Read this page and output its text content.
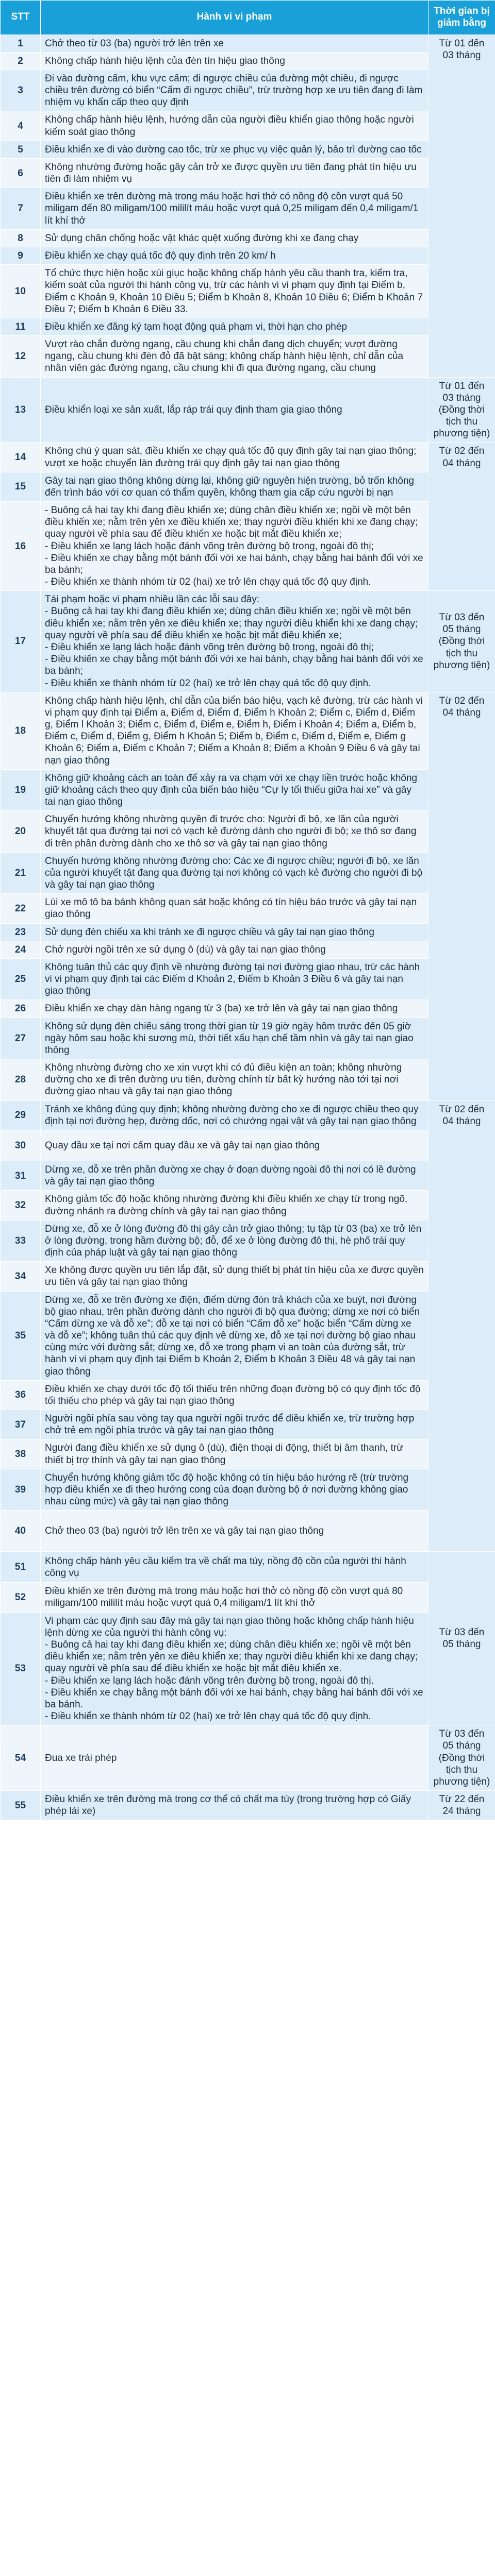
STT	Hành vi vi phạm	Thời gian bị giảm bằng
1	Chở theo từ 03 (ba) người trở lên trên xe	Từ 01 đến 03 tháng
2	Không chấp hành hiệu lệnh của đèn tín hiệu giao thông	

3	Đi vào đường cấm, khu vực cấm; đi ngược chiều của đường một chiều, đi ngược chiều trên đường có biển “Cấm đi ngược chiều”, trừ trường hợp xe ưu tiên đang đi làm nhiệm vụ khẩn cấp theo quy định	

4	Không chấp hành hiệu lệnh, hướng dẫn của người điều khiển giao thông hoặc người kiểm soát giao thông	

5	Điều khiển xe đi vào đường cao tốc, trừ xe phục vụ việc quản lý, bảo trì đường cao tốc	

6	Không nhường đường hoặc gây cản trở xe được quyền ưu tiên đang phát tín hiệu ưu tiên đi làm nhiệm vụ	

7	Điều khiển xe trên đường mà trong máu hoặc hơi thở có nồng độ cồn vượt quá 50 miligam đến 80 miligam/100 mililít máu hoặc vượt quá 0,25 miligam đến 0,4 miligam/1 lít khí thở	

8	Sử dụng chân chống hoặc vật khác quệt xuống đường khi xe đang chạy	

9	Điều khiển xe chạy quá tốc độ quy định trên 20 km/ h	

10	Tổ chức thực hiện hoặc xúi giục hoặc không chấp hành yêu cầu thanh tra, kiểm tra, kiểm soát của người thi hành công vụ, trừ các hành vi vi phạm quy định tại Điểm b, Điểm c Khoản 9, Khoản 10 Điều 5; Điểm b Khoản 8, Khoản 10 Điều 6; Điểm b Khoản 7 Điều 7; Điểm b Khoản 6 Điều 33.	

11	Điều khiển xe đăng ký tạm hoạt động quá phạm vi, thời hạn cho phép	

12	Vượt rào chắn đường ngang, cầu chung khi chắn đang dịch chuyển; vượt đường ngang, cầu chung khi đèn đỏ đã bật sáng; không chấp hành hiệu lệnh, chỉ dẫn của nhân viên gác đường ngang, cầu chung khi đi qua đường ngang, cầu chung	

13	Điều khiển loại xe sản xuất, lắp ráp trái quy định tham gia giao thông	Từ 01 đến 03 tháng (Đồng thời tịch thu phương tiện)
14	Không chú ý quan sát, điều khiển xe chạy quá tốc độ quy định gây tai nạn giao thông; vượt xe hoặc chuyển làn đường trái quy định gây tai nạn giao thông	Từ 02 đến 04 tháng
15	Gây tai nạn giao thông không dừng lại, không giữ nguyên hiện trường, bỏ trốn không đến trình báo với cơ quan có thẩm quyền, không tham gia cấp cứu người bị nạn	

16	- Buông cả hai tay khi đang điều khiển xe; dùng chân điều khiển xe; ngồi về một bên điều khiển xe; nằm trên yên xe điều khiển xe; thay người điều khiển khi xe đang chạy; quay người về phía sau để điều khiển xe hoặc bịt mắt điều khiển xe;
- Điều khiển xe lạng lách hoặc đánh võng trên đường bộ trong, ngoài đô thị;
- Điều khiển xe chạy bằng một bánh đối với xe hai bánh, chạy bằng hai bánh đối với xe ba bánh;
- Điều khiển xe thành nhóm từ 02 (hai) xe trở lên chạy quá tốc độ quy định.	

17	Tái phạm hoặc vi phạm nhiều lần các lỗi sau đây:
- Buông cả hai tay khi đang điều khiển xe; dùng chân điều khiển xe; ngồi về một bên điều khiển xe; nằm trên yên xe điều khiển xe; thay người điều khiển khi xe đang chạy; quay người về phía sau để điều khiển xe hoặc bịt mắt điều khiển xe;
- Điều khiển xe lạng lách hoặc đánh võng trên đường bộ trong, ngoài đô thị;
- Điều khiển xe chạy bằng một bánh đối với xe hai bánh, chạy bằng hai bánh đối với xe ba bánh;
- Điều khiển xe thành nhóm từ 02 (hai) xe trở lên chạy quá tốc độ quy định.	Từ 03 đến 05 tháng (Đồng thời tịch thu phương tiện)
18	Không chấp hành hiệu lệnh, chỉ dẫn của biển báo hiệu, vạch kẻ đường, trừ các hành vi vi phạm quy định tại Điểm a, Điểm d, Điểm đ, Điểm h Khoản 2; Điểm c, Điểm d, Điểm g, Điểm l Khoản 3; Điểm c, Điểm đ, Điểm e, Điểm h, Điểm i Khoản 4; Điểm a, Điểm b, Điểm c, Điểm d, Điểm g, Điểm h Khoản 5; Điểm b, Điểm c, Điểm d, Điểm e, Điểm g Khoản 6; Điểm a, Điểm c Khoản 7; Điểm a Khoản 8; Điểm a Khoản 9 Điều 6 và gây tai nạn giao thông	Từ 02 đến 04 tháng
19	Không giữ khoảng cách an toàn để xảy ra va chạm với xe chạy liền trước hoặc không giữ khoảng cách theo quy định của biển báo hiệu “Cự ly tối thiểu giữa hai xe” và gây tai nạn giao thông	

20	Chuyển hướng không nhường quyền đi trước cho: Người đi bộ, xe lăn của người khuyết tật qua đường tại nơi có vạch kẻ đường dành cho người đi bộ; xe thô sơ đang đi trên phần đường dành cho xe thô sơ và gây tai nạn giao thông	

21	Chuyển hướng không nhường đường cho: Các xe đi ngược chiều; người đi bộ, xe lăn của người khuyết tật đang qua đường tại nơi không có vạch kẻ đường cho người đi bộ và gây tai nạn giao thông	

22	Lùi xe mô tô ba bánh không quan sát hoặc không có tín hiệu báo trước và gây tai nạn giao thông	

23	Sử dụng đèn chiếu xa khi tránh xe đi ngược chiều và gây tai nạn giao thông	

24	Chở người ngồi trên xe sử dụng ô (dù) và gây tai nạn giao thông	

25	Không tuân thủ các quy định về nhường đường tại nơi đường giao nhau, trừ các hành vi vi phạm quy định tại các Điểm d Khoản 2, Điểm b Khoản 3 Điều 6 và gây tai nạn giao thông	

26	Điều khiển xe chạy dàn hàng ngang từ 3 (ba) xe trở lên và gây tai nạn giao thông	

27	Không sử dụng đèn chiếu sáng trong thời gian từ 19 giờ ngày hôm trước đến 05 giờ ngày hôm sau hoặc khi sương mù, thời tiết xấu hạn chế tầm nhìn và gây tai nạn giao thông	

28	Không nhường đường cho xe xin vượt khi có đủ điều kiện an toàn; không nhường đường cho xe đi trên đường ưu tiên, đường chính từ bất kỳ hướng nào tới tại nơi đường giao nhau và gây tai nạn giao thông	

29	Tránh xe không đúng quy định; không nhường đường cho xe đi ngược chiều theo quy định tại nơi đường hẹp, đường dốc, nơi có chướng ngại vật và gây tai nạn giao thông	Từ 02 đến 04 tháng
30	Quay đầu xe tại nơi cấm quay đầu xe và gây tai nạn giao thông	

31	Dừng xe, đỗ xe trên phần đường xe chạy ở đoạn đường ngoài đô thị nơi có lề đường và gây tai nạn giao thông	

32	Không giảm tốc độ hoặc không nhường đường khi điều khiển xe chạy từ trong ngõ, đường nhánh ra đường chính và gây tai nạn giao thông	

33	Dừng xe, đỗ xe ở lòng đường đô thị gây cản trở giao thông; tụ tập từ 03 (ba) xe trở lên ở lòng đường, trong hầm đường bộ; đỗ, để xe ở lòng đường đô thị, hè phố trái quy định của pháp luật và gây tai nạn giao thông	

34	Xe không được quyền ưu tiên lắp đặt, sử dụng thiết bị phát tín hiệu của xe được quyền ưu tiên và gây tai nạn giao thông	

35	Dừng xe, đỗ xe trên đường xe điện, điểm dừng đón trả khách của xe buýt, nơi đường bộ giao nhau, trên phần đường dành cho người đi bộ qua đường; dừng xe nơi có biển “Cấm dừng xe và đỗ xe”; đỗ xe tại nơi có biển “Cấm đỗ xe” hoặc biển “Cấm dừng xe và đỗ xe”; không tuân thủ các quy định về dừng xe, đỗ xe tại nơi đường bộ giao nhau cùng mức với đường sắt; dừng xe, đỗ xe trong phạm vi an toàn của đường sắt, trừ hành vi vi phạm quy định tại Điểm b Khoản 2, Điểm b Khoản 3 Điều 48 và gây tai nạn giao thông	

36	Điều khiển xe chạy dưới tốc độ tối thiểu trên những đoạn đường bộ có quy định tốc độ tối thiểu cho phép và gây tai nạn giao thông	

37	Người ngồi phía sau vòng tay qua người ngồi trước để điều khiển xe, trừ trường hợp chở trẻ em ngồi phía trước và gây tai nạn giao thông	

38	Người đang điều khiển xe sử dụng ô (dù), điện thoại di động, thiết bị âm thanh, trừ thiết bị trợ thính và gây tai nạn giao thông	

39	Chuyển hướng không giảm tốc độ hoặc không có tín hiệu báo hướng rẽ (trừ trường hợp điều khiển xe đi theo hướng cong của đoạn đường bộ ở nơi đường không giao nhau cùng mức) và gây tai nạn giao thông	

40	Chở theo 03 (ba) người trở lên trên xe và gây tai nạn giao thông	

51	Không chấp hành yêu cầu kiểm tra về chất ma túy, nồng độ cồn của người thi hành công vụ	Từ 03 đến 05 tháng
52	Điều khiển xe trên đường mà trong máu hoặc hơi thở có nồng độ cồn vượt quá 80 miligam/100 mililít máu hoặc vượt quá 0,4 miligam/1 lít khí thở	

53	Vi phạm các quy định sau đây mà gây tai nạn giao thông hoặc không chấp hành hiệu lệnh dừng xe của người thi hành công vụ:
- Buông cả hai tay khi đang điều khiển xe; dùng chân điều khiển xe; ngồi về một bên điều khiển xe; nằm trên yên xe điều khiển xe; thay người điều khiển khi xe đang chạy; quay người về phía sau để điều khiển xe hoặc bịt mắt điều khiển xe.
- Điều khiển xe lạng lách hoặc đánh võng trên đường bộ trong, ngoài đô thị.
- Điều khiển xe chạy bằng một bánh đối với xe hai bánh, chạy bằng hai bánh đối với xe ba bánh.
- Điều khiển xe thành nhóm từ 02 (hai) xe trở lên chạy quá tốc độ quy định.	

54	Đua xe trái phép	Từ 03 đến 05 tháng (Đồng thời tịch thu phương tiện)
55	Điều khiển xe trên đường mà trong cơ thể có chất ma túy (trong trường hợp có Giấy phép lái xe)	Từ 22 đến 24 tháng
